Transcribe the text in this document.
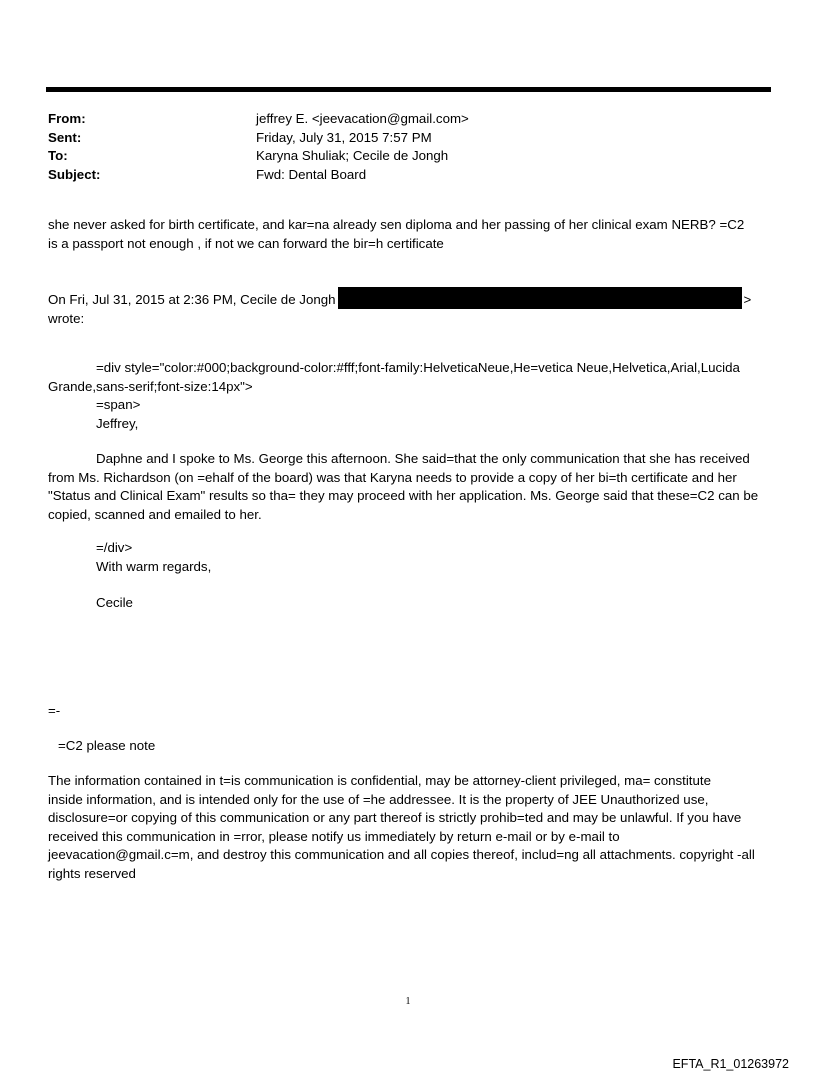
From:	jeffrey E. <jeevacation@gmail.com>
Sent:	Friday, July 31, 2015 7:57 PM
To:	Karyna Shuliak; Cecile de Jongh
Subject:	Fwd: Dental Board
she never asked for birth certificate, and kar=na already sen diploma and her passing of her clinical exam NERB? =C2
is a passport not enough , if not we can forward the bir=h certificate
On Fri, Jul 31, 2015 at 2:36 PM, Cecile de Jongh	>
wrote:
=div style="color:#000;background-color:#fff;font-family:HelveticaNeue,He=vetica Neue,Helvetica,Arial,Lucida
Grande,sans-serif;font-size:14px">
=span>
Jeffrey,
Daphne and I spoke to Ms. George this afternoon. She said=that the only communication that she has received
from Ms. Richardson (on =ehalf of the board) was that Karyna needs to provide a copy of her bi=th certificate and her
"Status and Clinical Exam" results so tha= they may proceed with her application. Ms. George said that these=C2 can be
copied, scanned and emailed to her.
=/div>
With warm regards,
Cecile
=-
=C2 please note
The information contained in t=is communication is confidential, may be attorney-client privileged, ma= constitute
inside information, and is intended only for the use of =he addressee. It is the property of JEE Unauthorized use,
disclosure=or copying of this communication or any part thereof is strictly prohib=ted and may be unlawful. If you have
received this communication in =rror, please notify us immediately by return e-mail or by e-mail to
jeevacation@gmail.c=m, and destroy this communication and all copies thereof, includ=ng all attachments. copyright -all
rights reserved
1
EFTA_R1_01263972
